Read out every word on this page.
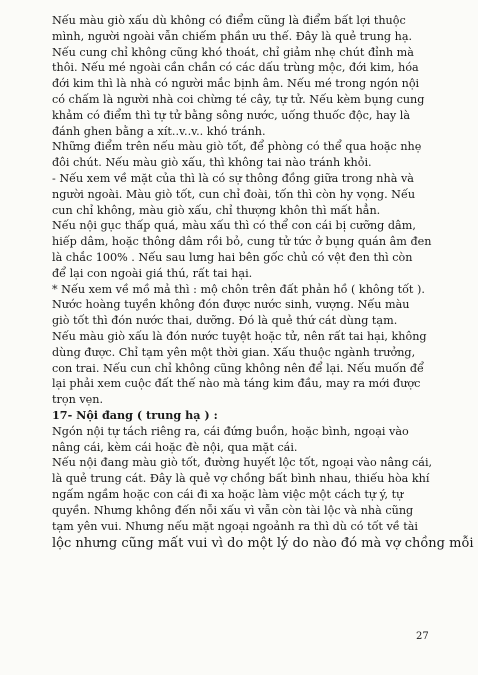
Nếu màu giò xấu dù không có điểm cũng là điểm bất lợi thuộc
mình, người ngoài vẫn chiếm phần ưu thế. Đây là quẻ trung hạ.
Nếu cung chỉ không cũng khó thoát, chỉ giảm nhẹ chút đỉnh mà
thôi. Nếu mé ngoài cần chần có các dấu trùng mộc, đới kim, hóa
đới kim thì là nhà có người mắc bịnh âm. Nếu mé trong ngón nội
có chấm là người nhà coi chừng té cây, tự tử. Nếu kèm bụng cung
khảm có điểm thì tự tử bằng sông nước, uống thuốc độc, hay là
đánh ghen bằng a xít..v..v.. khó tránh.
Những điểm trên nếu màu giò tốt, để phòng có thể qua hoặc nhẹ
đôi chút. Nếu màu giò xấu, thì không tai nào tránh khỏi.
- Nếu xem về mặt của thì là có sự thông đồng giữa trong nhà và
người ngoài. Màu giò tốt, cun chỉ đoài, tốn thì còn hy vọng. Nếu
cun chỉ không, màu giò xấu, chỉ thượng khôn thì mất hẳn.
Nếu nội gục thấp quá, màu xấu thì có thể con cái bị cưỡng dâm,
hiếp dâm, hoặc thông dâm rồi bỏ, cung tử tức ở bụng quán âm đen
là chắc 100% . Nếu sau lưng hai bên gốc chủ có vệt đen thì còn
để lại con ngoài giá thú, rất tai hại.
* Nếu xem về mồ mả thì : mộ chôn trên đất phản hồ ( không tốt ).
Nước hoàng tuyền không đón được nước sinh, vượng. Nếu màu
giò tốt thì đón nước thai, dưỡng. Đó là quẻ thứ cát dùng tạm.
Nếu màu giò xấu là đón nước tuyệt hoặc tử, nên rất tai hại, không
dùng được. Chỉ tạm yên một thời gian. Xấu thuộc ngành trưởng,
con trai. Nếu cun chỉ không cũng không nên để lại. Nếu muốn để
lại phải xem cuộc đất thế nào mà táng kim đầu, may ra mới được
trọn vẹn.
17- Nội đang ( trung hạ ) :
Ngón nội tự tách riêng ra, cái đứng buồn, hoặc bình, ngoại vào
nâng cái, kèm cái hoặc đè nội, qua mặt cái.
Nếu nội đang màu giò tốt, đường huyết lộc tốt, ngoại vào nâng cái,
là quẻ trung cát. Đây là quẻ vợ chồng bất bình nhau, thiếu hòa khí
ngấm ngầm hoặc con cái đi xa hoặc làm việc một cách tự ý, tự
quyền. Nhưng không đến nỗi xấu vì vẫn còn tài lộc và nhà cũng
tạm yên vui. Nhưng nếu mặt ngoại ngoảnh ra thì dù có tốt về tài
lộc nhưng cũng mất vui vì do một lý do nào đó mà vợ chồng mỗi
27
